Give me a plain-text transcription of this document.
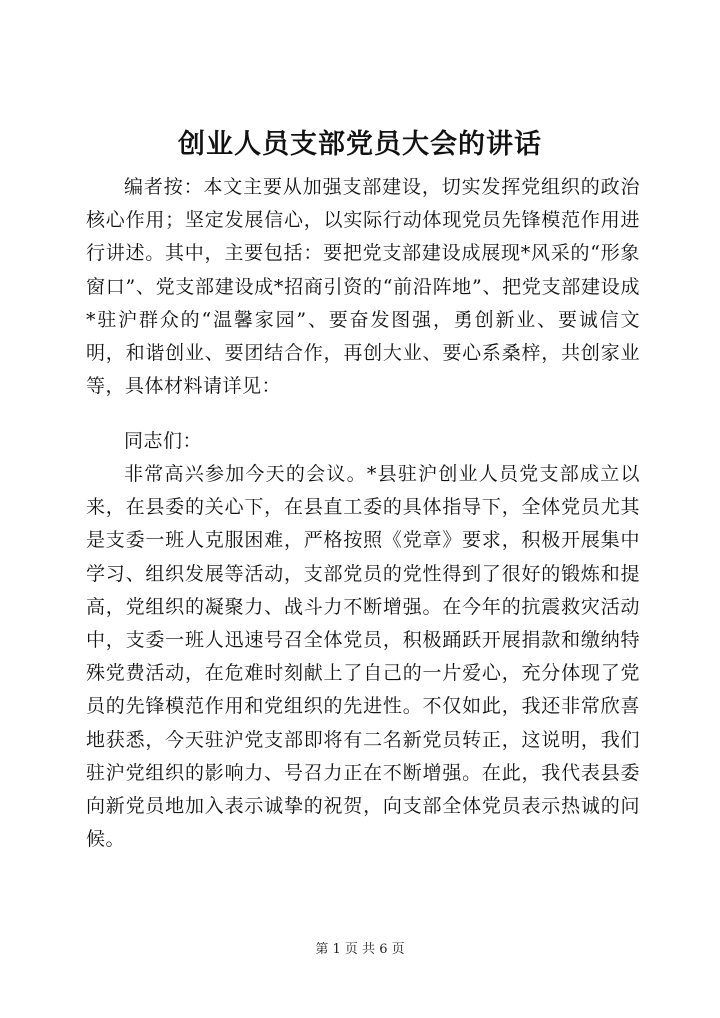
创业人员支部党员大会的讲话

编者按：本文主要从加强支部建设，切实发挥党组织的政治核心作用；坚定发展信心，以实际行动体现党员先锋模范作用进行讲述。其中，主要包括：要把党支部建设成展现*风采的“形象窗口”、党支部建设成*招商引资的“前沿阵地”、把党支部建设成*驻沪群众的“温馨家园”、要奋发图强，勇创新业、要诚信文明，和谐创业、要团结合作，再创大业、要心系桑梓，共创家业等，具体材料请详见：

同志们：

非常高兴参加今天的会议。*县驻沪创业人员党支部成立以来，在县委的关心下，在县直工委的具体指导下，全体党员尤其是支委一班人克服困难，严格按照《党章》要求，积极开展集中学习、组织发展等活动，支部党员的党性得到了很好的锻炼和提高，党组织的凝聚力、战斗力不断增强。在今年的抗震救灾活动中，支委一班人迅速号召全体党员，积极踊跃开展捐款和缴纳特殊党费活动，在危难时刻献上了自己的一片爱心，充分体现了党员的先锋模范作用和党组织的先进性。不仅如此，我还非常欣喜地获悉，今天驻沪党支部即将有二名新党员转正，这说明，我们驻沪党组织的影响力、号召力正在不断增强。在此，我代表县委向新党员地加入表示诚挚的祝贺，向支部全体党员表示热诚的问候。

第 1 页 共 6 页
